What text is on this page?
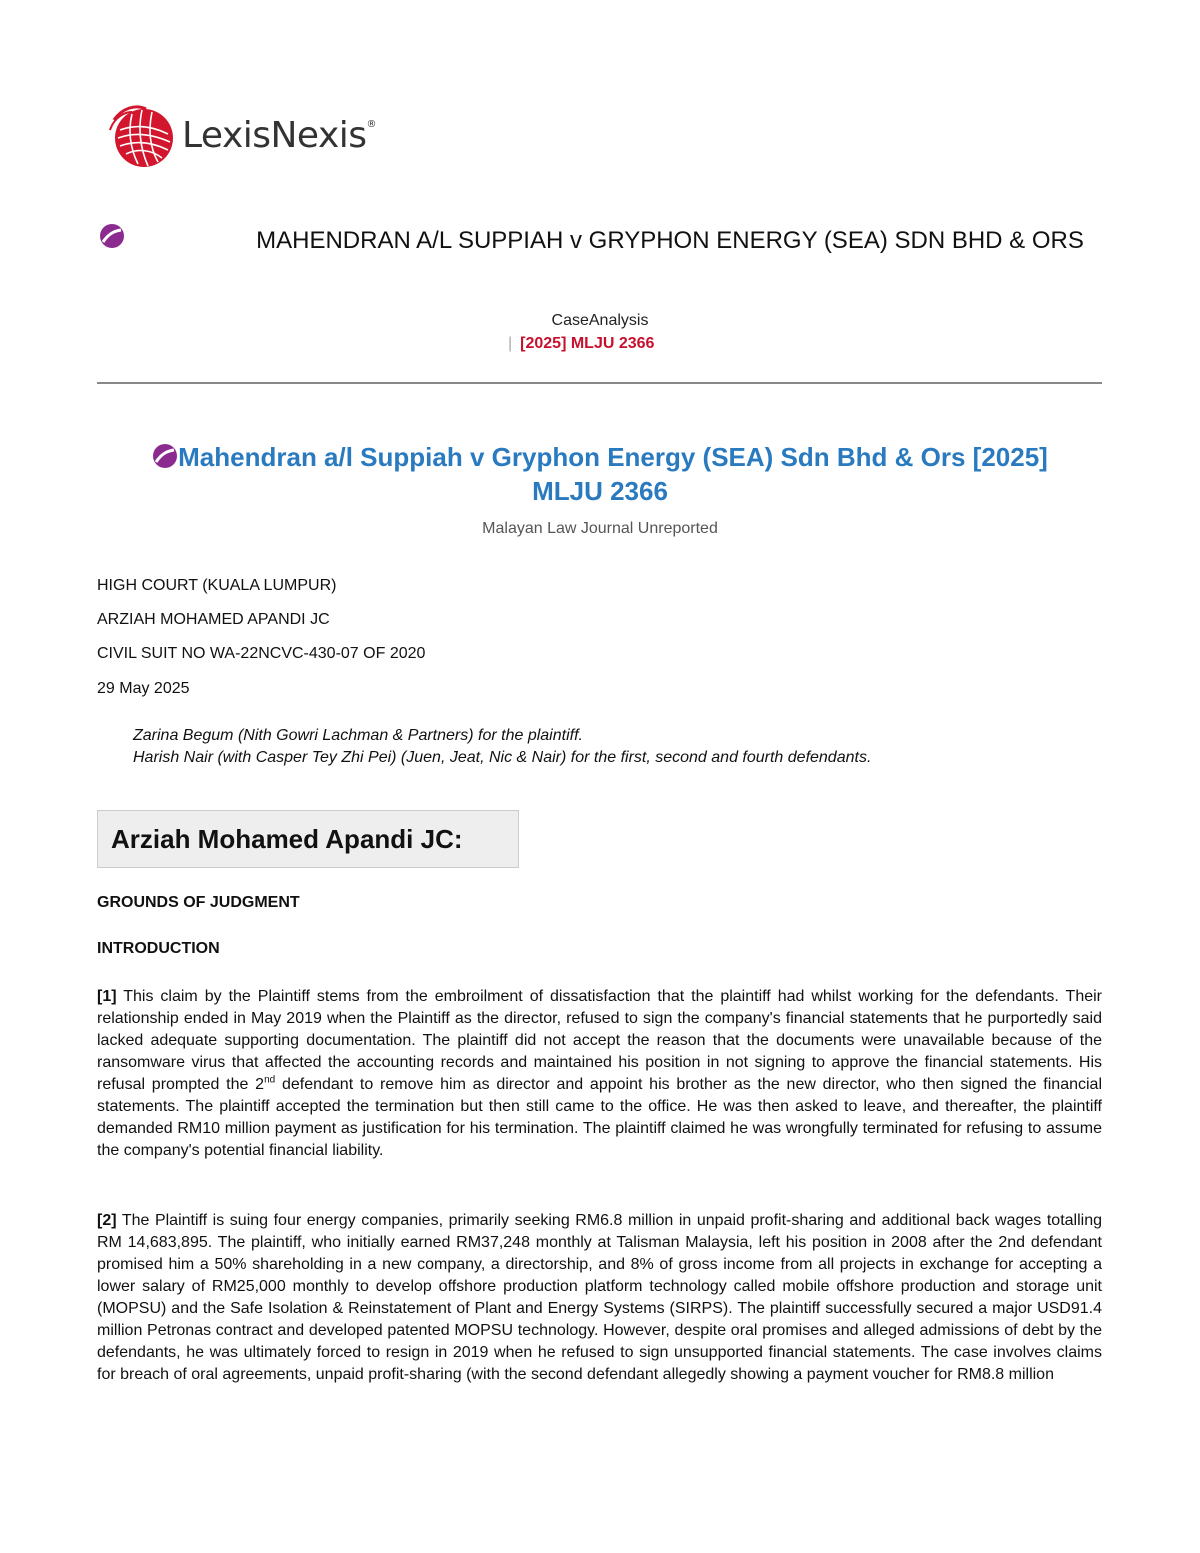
LexisNexis®
MAHENDRAN A/L SUPPIAH v GRYPHON ENERGY (SEA) SDN BHD & ORS
CaseAnalysis
| [2025] MLJU 2366
Mahendran a/l Suppiah v Gryphon Energy (SEA) Sdn Bhd & Ors [2025] MLJU 2366
Malayan Law Journal Unreported
HIGH COURT (KUALA LUMPUR)
ARZIAH MOHAMED APANDI JC
CIVIL SUIT NO WA-22NCVC-430-07 OF 2020
29 May 2025
Zarina Begum (Nith Gowri Lachman & Partners) for the plaintiff.
Harish Nair (with Casper Tey Zhi Pei) (Juen, Jeat, Nic & Nair) for the first, second and fourth defendants.
Arziah Mohamed Apandi JC:
GROUNDS OF JUDGMENT
INTRODUCTION
[1] This claim by the Plaintiff stems from the embroilment of dissatisfaction that the plaintiff had whilst working for the defendants. Their relationship ended in May 2019 when the Plaintiff as the director, refused to sign the company's financial statements that he purportedly said lacked adequate supporting documentation. The plaintiff did not accept the reason that the documents were unavailable because of the ransomware virus that affected the accounting records and maintained his position in not signing to approve the financial statements. His refusal prompted the 2nd defendant to remove him as director and appoint his brother as the new director, who then signed the financial statements. The plaintiff accepted the termination but then still came to the office. He was then asked to leave, and thereafter, the plaintiff demanded RM10 million payment as justification for his termination. The plaintiff claimed he was wrongfully terminated for refusing to assume the company's potential financial liability.
[2] The Plaintiff is suing four energy companies, primarily seeking RM6.8 million in unpaid profit-sharing and additional back wages totalling RM 14,683,895. The plaintiff, who initially earned RM37,248 monthly at Talisman Malaysia, left his position in 2008 after the 2nd defendant promised him a 50% shareholding in a new company, a directorship, and 8% of gross income from all projects in exchange for accepting a lower salary of RM25,000 monthly to develop offshore production platform technology called mobile offshore production and storage unit (MOPSU) and the Safe Isolation & Reinstatement of Plant and Energy Systems (SIRPS). The plaintiff successfully secured a major USD91.4 million Petronas contract and developed patented MOPSU technology. However, despite oral promises and alleged admissions of debt by the defendants, he was ultimately forced to resign in 2019 when he refused to sign unsupported financial statements. The case involves claims for breach of oral agreements, unpaid profit-sharing (with the second defendant allegedly showing a payment voucher for RM8.8 million
